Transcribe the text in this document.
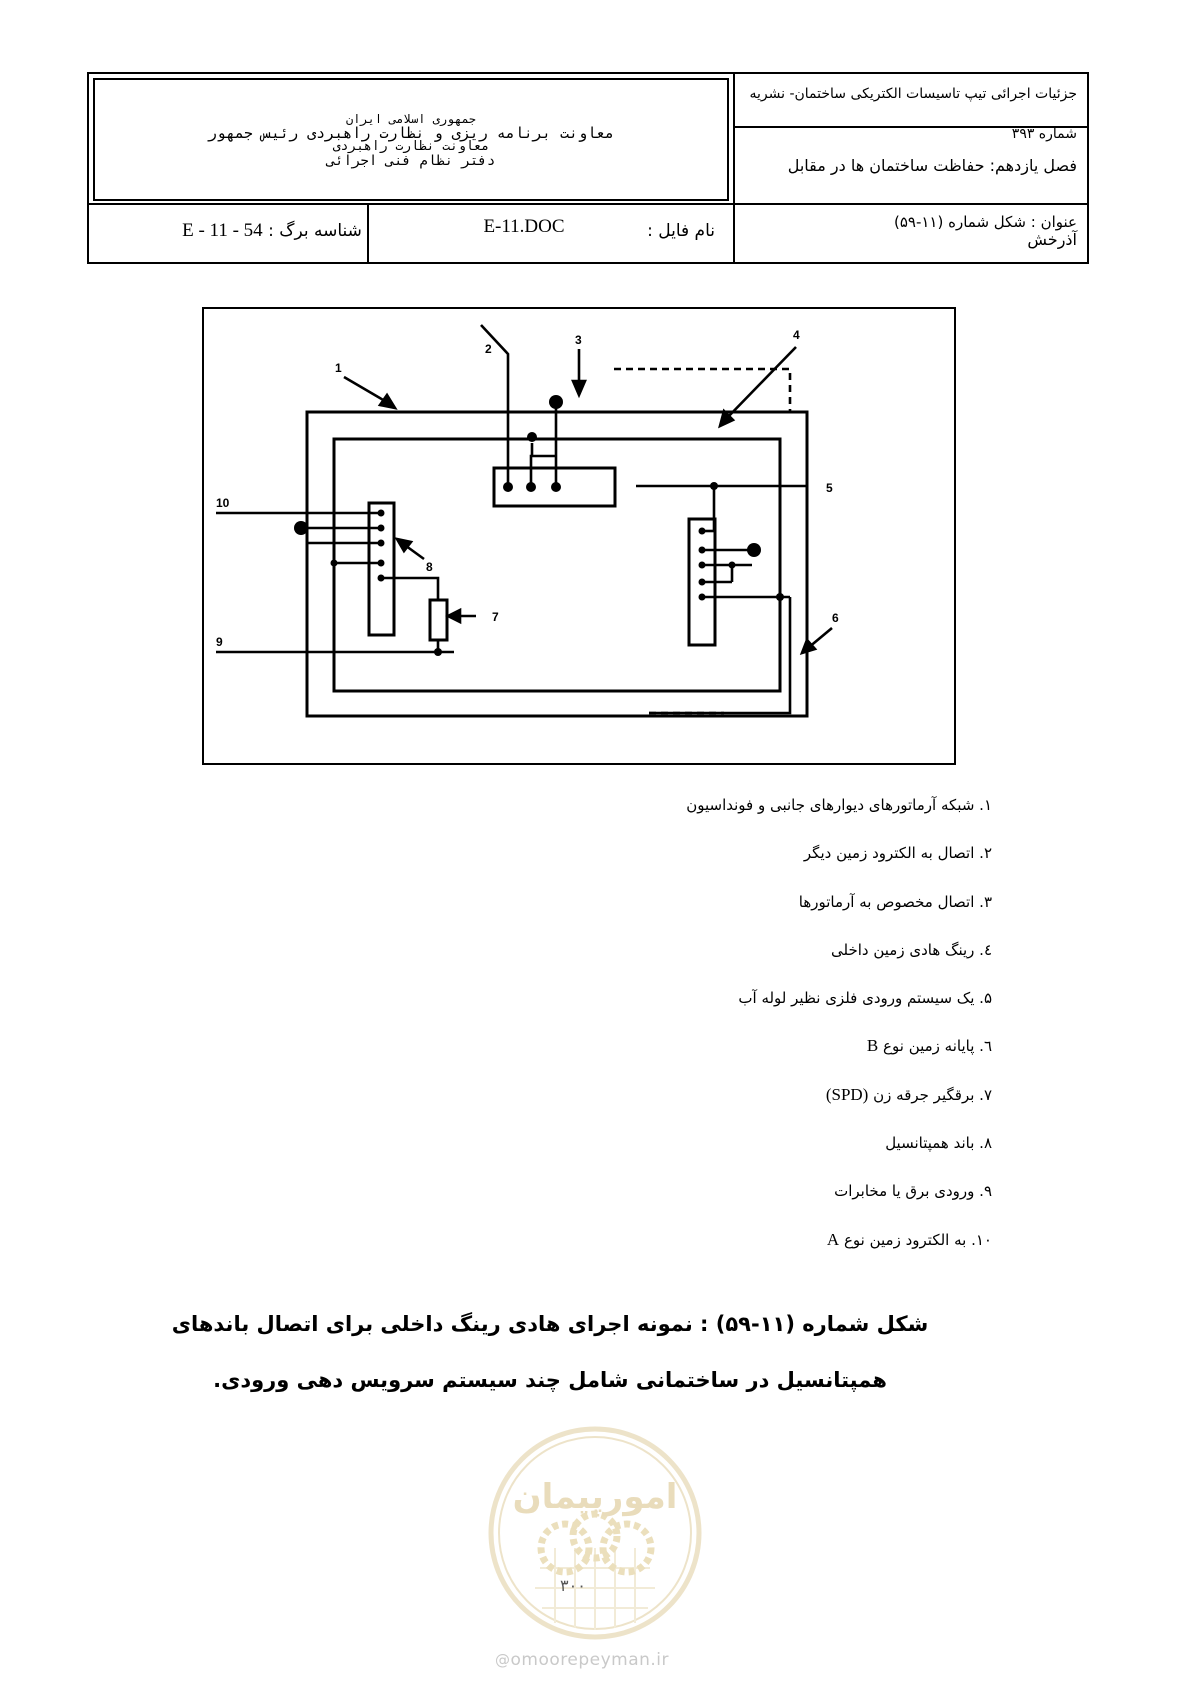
جمهوری اسلامی ایران
معاونت برنامه ریزی و نظارت راهبردی رئیس جمهور
معاونت نظارت راهبردی
دفتر نظام فنی اجرائی
جزئیات اجرائی تیپ تاسیسات الکتریکی ساختمان- نشریه شماره ۳۹۳
فصل یازدهم: حفاظت ساختمان ها در مقابل آذرخش
عنوان : شکل شماره (۱۱-۵۹)
نام فایل :
E-11.DOC
شناسه برگ : E - 11 - 54
1
2
3	4
5
6
7
8
9
10
۱. شبکه آرماتورهای دیوارهای جانبی و فونداسیون
۲. اتصال به الکترود زمین دیگر
۳. اتصال مخصوص به آرماتورها
٤. رینگ هادی زمین داخلی
۵. یک سیستم ورودی فلزی نظیر لوله آب
٦. پایانه زمین نوع B
۷. برقگیر جرقه زن (SPD)
۸. باند همپتانسیل
۹. ورودی برق یا مخابرات
۱۰. به الکترود زمین نوع A

شکل شماره (۱۱-۵۹) : نمونه اجرای هادی رینگ داخلی برای اتصال باندهای

همپتانسیل در ساختمانی شامل چند سیستم سرویس دهی ورودی.

امورپیمان
۳۰۰
@omoorepeyman.ir
